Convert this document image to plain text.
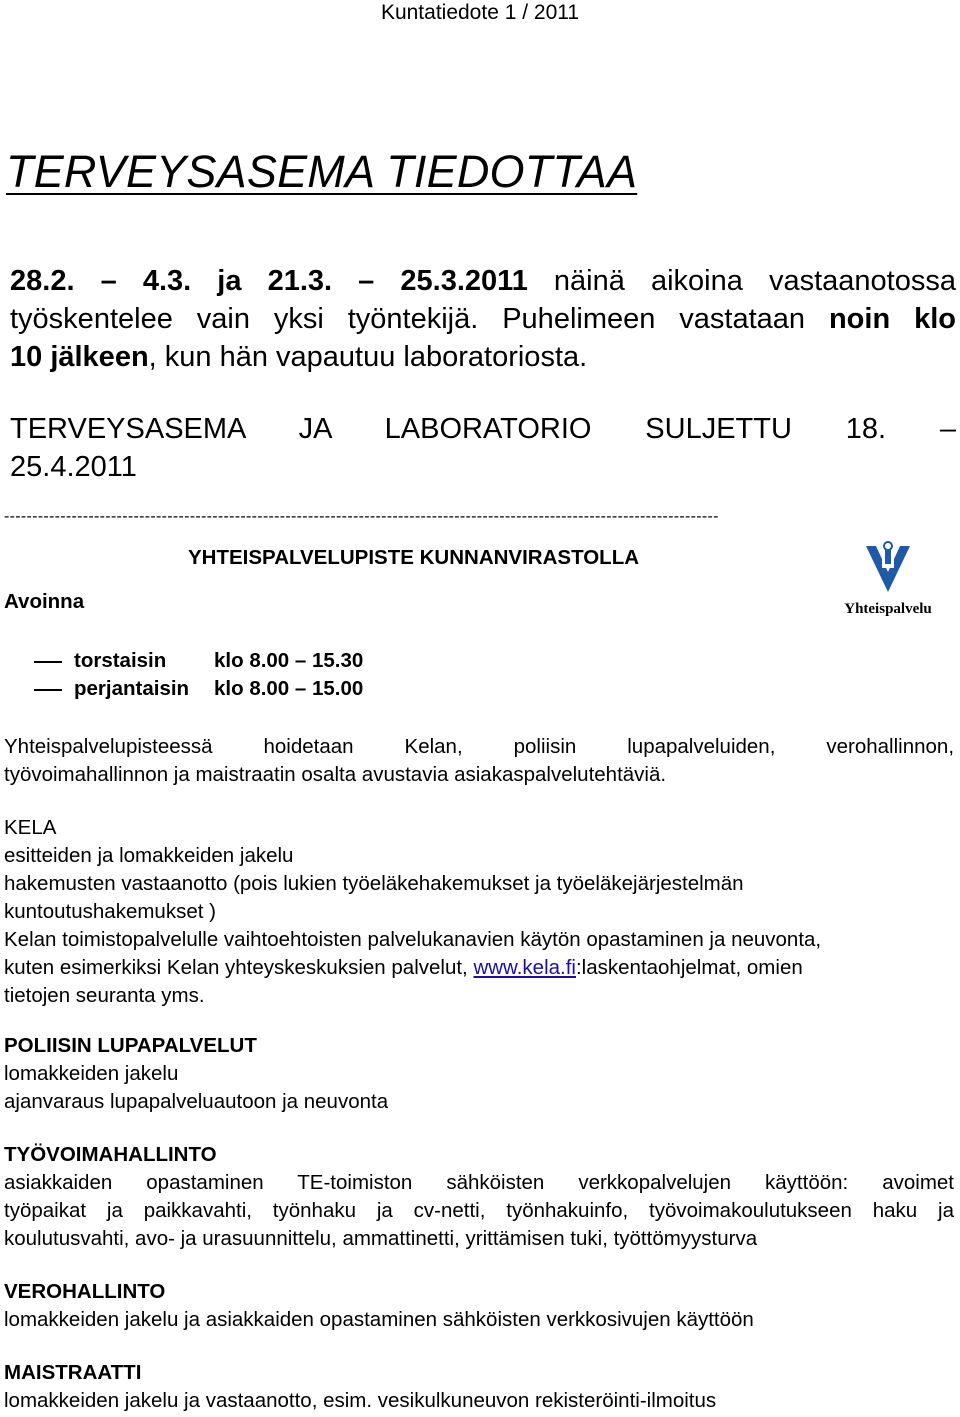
Kuntatiedote 1 / 2011
TERVEYSASEMA TIEDOTTAA
28.2. – 4.3. ja 21.3. – 25.3.2011 näinä aikoina vastaanotossa
työskentelee vain yksi työntekijä. Puhelimeen vastataan noin klo
10 jälkeen, kun hän vapautuu laboratoriosta.
TERVEYSASEMA JA LABORATORIO SULJETTU 18. –
25.4.2011
-------------------------------------------------------------------------------------------------------------------------------
YHTEISPALVELUPISTE KUNNANVIRASTOLLA
Avoinna	Yhteispalvelu
torstaisin klo 8.00 – 15.30
perjantaisin klo 8.00 – 15.00
Yhteispalvelupisteessä hoidetaan Kelan, poliisin lupapalveluiden, verohallinnon,
työvoimahallinnon ja maistraatin osalta avustavia asiakaspalvelutehtäviä.
KELA
esitteiden ja lomakkeiden jakelu
hakemusten vastaanotto (pois lukien työeläkehakemukset ja työeläkejärjestelmän
kuntoutushakemukset )
Kelan toimistopalvelulle vaihtoehtoisten palvelukanavien käytön opastaminen ja neuvonta,
kuten esimerkiksi Kelan yhteyskeskuksien palvelut, www.kela.fi:laskentaohjelmat, omien
tietojen seuranta yms.
POLIISIN LUPAPALVELUT
lomakkeiden jakelu
ajanvaraus lupapalveluautoon ja neuvonta
TYÖVOIMAHALLINTO
asiakkaiden opastaminen TE-toimiston sähköisten verkkopalvelujen käyttöön: avoimet
työpaikat ja paikkavahti, työnhaku ja cv-netti, työnhakuinfo, työvoimakoulutukseen haku ja
koulutusvahti, avo- ja urasuunnittelu, ammattinetti, yrittämisen tuki, työttömyysturva
VEROHALLINTO
lomakkeiden jakelu ja asiakkaiden opastaminen sähköisten verkkosivujen käyttöön
MAISTRAATTI
lomakkeiden jakelu ja vastaanotto, esim. vesikulkuneuvon rekisteröinti-ilmoitus
